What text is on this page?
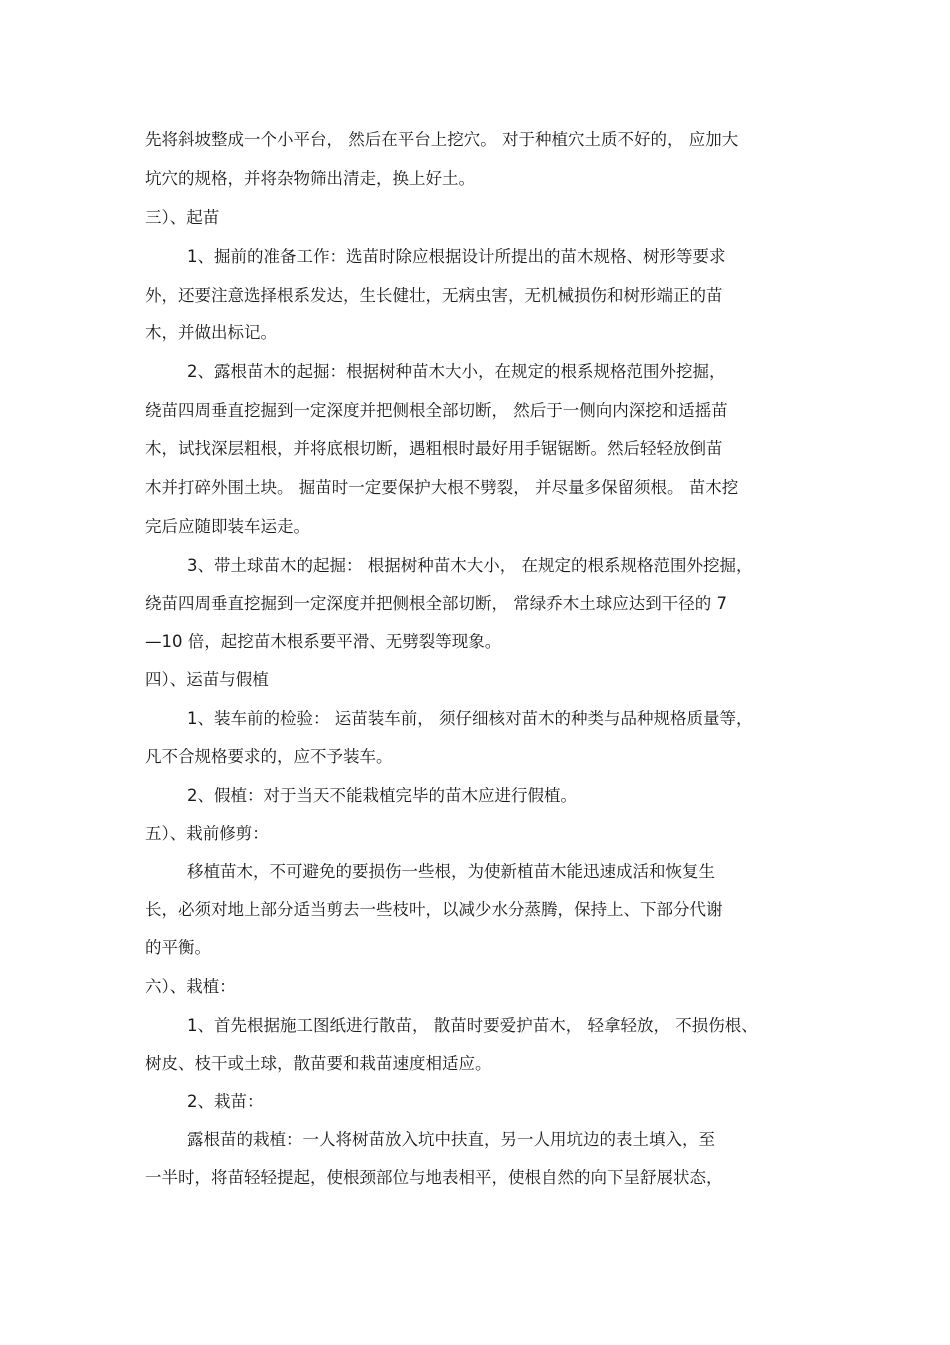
先将斜坡整成一个小平台， 然后在平台上挖穴。 对于种植穴土质不好的， 应加大
坑穴的规格，并将杂物筛出清走，换上好土。
三）、起苗
1、掘前的准备工作：选苗时除应根据设计所提出的苗木规格、树形等要求
外，还要注意选择根系发达，生长健壮，无病虫害，无机械损伤和树形端正的苗
木，并做出标记。
2、露根苗木的起掘：根据树种苗木大小，在规定的根系规格范围外挖掘，
绕苗四周垂直挖掘到一定深度并把侧根全部切断， 然后于一侧向内深挖和适摇苗
木，试找深层粗根，并将底根切断，遇粗根时最好用手锯锯断。然后轻轻放倒苗
木并打碎外围土块。 掘苗时一定要保护大根不劈裂， 并尽量多保留须根。 苗木挖
完后应随即装车运走。
3、带土球苗木的起掘： 根据树种苗木大小， 在规定的根系规格范围外挖掘，
绕苗四周垂直挖掘到一定深度并把侧根全部切断， 常绿乔木土球应达到干径的 7
—10 倍，起挖苗木根系要平滑、无劈裂等现象。
四）、运苗与假植
1、装车前的检验： 运苗装车前， 须仔细核对苗木的种类与品种规格质量等，
凡不合规格要求的，应不予装车。
2、假植：对于当天不能栽植完毕的苗木应进行假植。
五）、栽前修剪：
移植苗木，不可避免的要损伤一些根，为使新植苗木能迅速成活和恢复生
长，必须对地上部分适当剪去一些枝叶，以减少水分蒸腾，保持上、下部分代谢
的平衡。
六）、栽植：
1、首先根据施工图纸进行散苗， 散苗时要爱护苗木， 轻拿轻放， 不损伤根、
树皮、枝干或土球，散苗要和栽苗速度相适应。
2、栽苗：
露根苗的栽植：一人将树苗放入坑中扶直，另一人用坑边的表土填入，至
一半时，将苗轻轻提起，使根颈部位与地表相平，使根自然的向下呈舒展状态，
